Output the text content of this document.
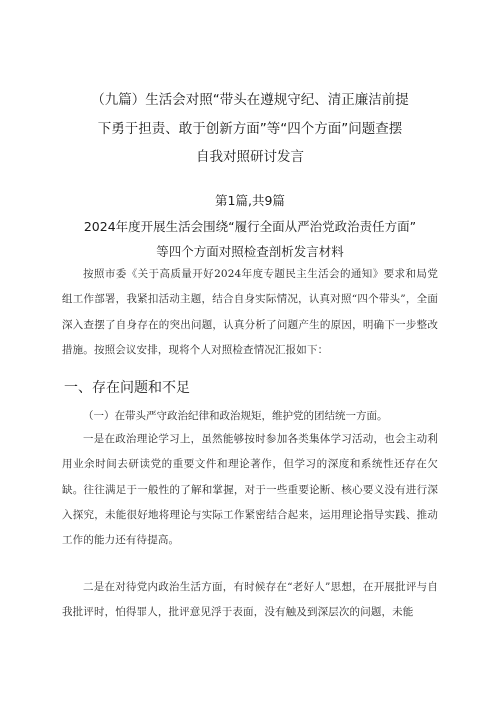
（九篇）生活会对照“带头在遵规守纪、清正廉洁前提
下勇于担责、敢于创新方面”等“四个方面”问题查摆
自我对照研讨发言
第1篇,共9篇
2024年度开展生活会围绕“履行全面从严治党政治责任方面”
等四个方面对照检查剖析发言材料
按照市委《关于高质量开好2024年度专题民主生活会的通知》要求和局党组工作部署，我紧扣活动主题，结合自身实际情况，认真对照“四个带头”，全面深入查摆了自身存在的突出问题，认真分析了问题产生的原因，明确下一步整改措施。按照会议安排，现将个人对照检查情况汇报如下：
一、存在问题和不足
（一）在带头严守政治纪律和政治规矩，维护党的团结统一方面。
一是在政治理论学习上，虽然能够按时参加各类集体学习活动，也会主动利用业余时间去研读党的重要文件和理论著作，但学习的深度和系统性还存在欠缺。往往满足于一般性的了解和掌握，对于一些重要论断、核心要义没有进行深入探究，未能很好地将理论与实际工作紧密结合起来，运用理论指导实践、推动工作的能力还有待提高。
二是在对待党内政治生活方面，有时候存在“老好人”思想，在开展批评与自我批评时，怕得罪人，批评意见浮于表面，没有触及到深层次的问题，未能
